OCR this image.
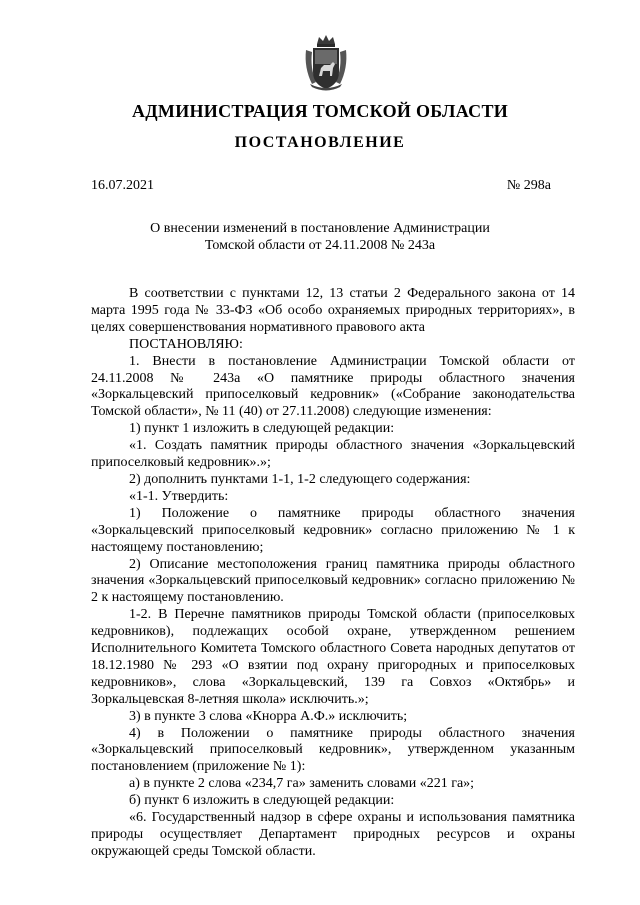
АДМИНИСТРАЦИЯ ТОМСКОЙ ОБЛАСТИ
ПОСТАНОВЛЕНИЕ
16.07.2021	№ 298а
О внесении изменений в постановление Администрации
Томской области от 24.11.2008 № 243а

В соответствии с пунктами 12, 13 статьи 2 Федерального закона от 14 марта 1995 года № 33-ФЗ «Об особо охраняемых природных территориях», в целях совершенствования нормативного правового акта

ПОСТАНОВЛЯЮ:

1. Внести в постановление Администрации Томской области от 24.11.2008 № 243а «О памятнике природы областного значения «Зоркальцевский припоселковый кедровник» («Собрание законодательства Томской области», № 11 (40) от 27.11.2008) следующие изменения:

1) пункт 1 изложить в следующей редакции:

«1. Создать памятник природы областного значения «Зоркальцевский припоселковый кедровник».»;

2) дополнить пунктами 1-1, 1-2 следующего содержания:

«1-1. Утвердить:

1) Положение о памятнике природы областного значения «Зоркальцевский припоселковый кедровник» согласно приложению № 1 к настоящему постановлению;

2) Описание местоположения границ памятника природы областного значения «Зоркальцевский припоселковый кедровник» согласно приложению № 2 к настоящему постановлению.

1-2. В Перечне памятников природы Томской области (припоселковых кедровников), подлежащих особой охране, утвержденном решением Исполнительного Комитета Томского областного Совета народных депутатов от 18.12.1980 № 293 «О взятии под охрану пригородных и припоселковых кедровников», слова «Зоркальцевский, 139 га Совхоз «Октябрь» и Зоркальцевская 8-летняя школа» исключить.»;

3) в пункте 3 слова «Кнорра А.Ф.» исключить;

4) в Положении о памятнике природы областного значения «Зоркальцевский припоселковый кедровник», утвержденном указанным постановлением (приложение № 1):

а) в пункте 2 слова «234,7 га» заменить словами «221 га»;

б) пункт 6 изложить в следующей редакции:

«6. Государственный надзор в сфере охраны и использования памятника природы осуществляет Департамент природных ресурсов и охраны окружающей среды Томской области.
